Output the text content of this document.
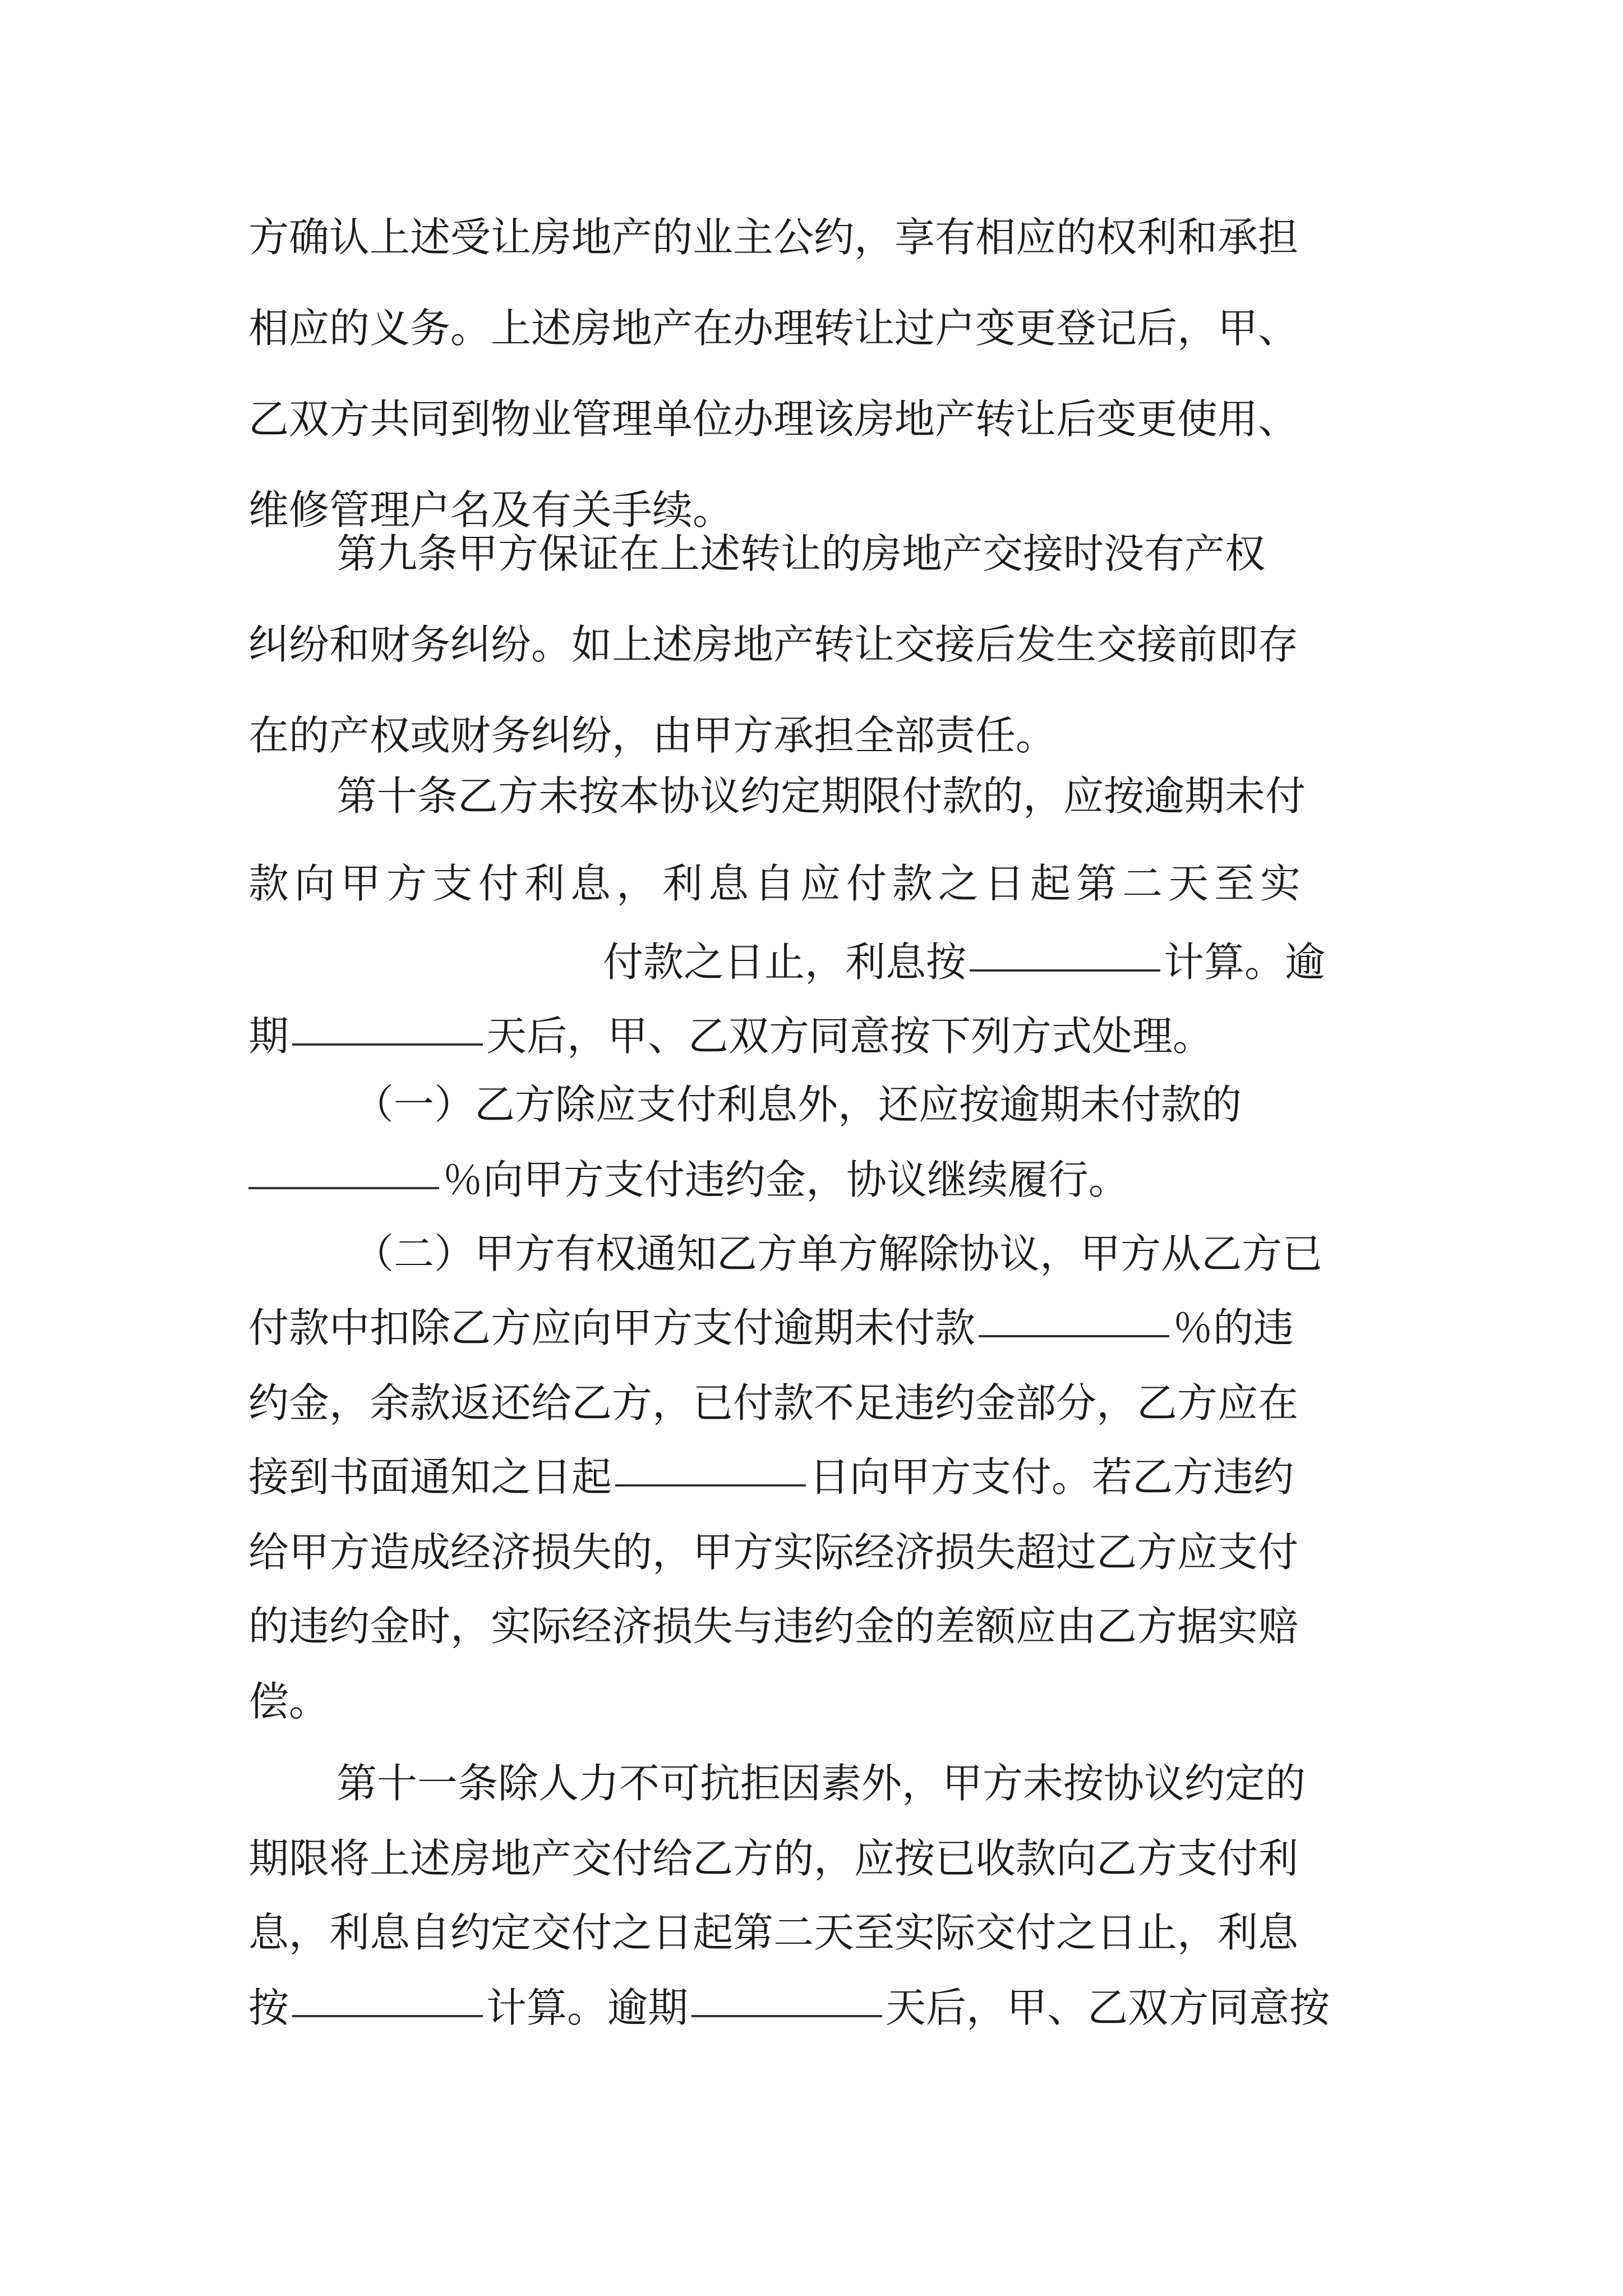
方确认上述受让房地产的业主公约，享有相应的权利和承担
相应的义务。上述房地产在办理转让过户变更登记后，甲、
乙双方共同到物业管理单位办理该房地产转让后变更使用、
维修管理户名及有关手续。
第九条甲方保证在上述转让的房地产交接时没有产权
纠纷和财务纠纷。如上述房地产转让交接后发生交接前即存
在的产权或财务纠纷，由甲方承担全部责任。
第十条乙方未按本协议约定期限付款的，应按逾期未付
款向甲方支付利息，利息自应付款之日起第二天至实
付款之日止，利息按	计算。逾
期	天后，甲、乙双方同意按下列方式处理。
（一）乙方除应支付利息外，还应按逾期未付款的
％向甲方支付违约金，协议继续履行。
（二）甲方有权通知乙方单方解除协议，甲方从乙方已
付款中扣除乙方应向甲方支付逾期未付款	％的违
约金，余款返还给乙方，已付款不足违约金部分，乙方应在
接到书面通知之日起	日向甲方支付。若乙方违约
给甲方造成经济损失的，甲方实际经济损失超过乙方应支付
的违约金时，实际经济损失与违约金的差额应由乙方据实赔
偿。
第十一条除人力不可抗拒因素外，甲方未按协议约定的
期限将上述房地产交付给乙方的，应按已收款向乙方支付利
息，利息自约定交付之日起第二天至实际交付之日止，利息
按	计算。逾期	天后，甲、乙双方同意按
